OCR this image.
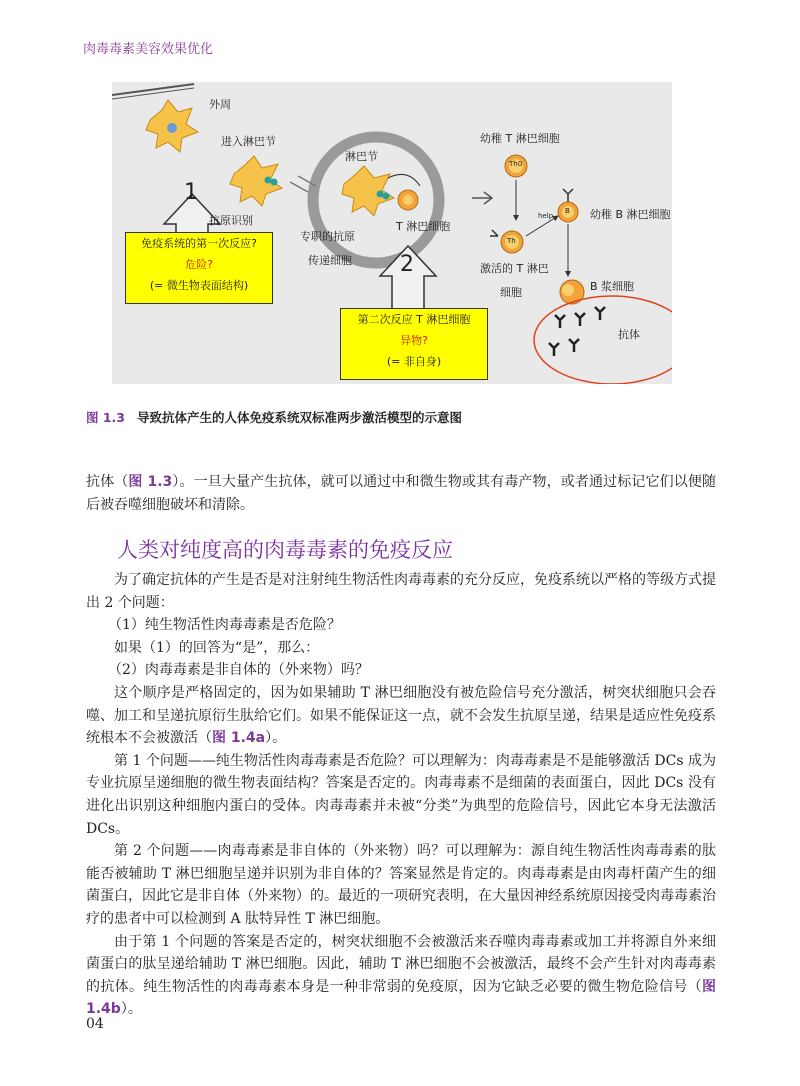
肉毒毒素美容效果优化
外周
进入淋巴节
抗原识别
淋巴节
专职的抗原
传递细胞
T 淋巴细胞
幼稚 T 淋巴细胞
Th0
Th
help	幼稚 B 淋巴细胞
B
激活的 T 淋巴
细胞	B 浆细胞
抗体
1
2
免疫系统的第一次反应?
危险?
(= 微生物表面结构)
第二次反应 T 淋巴细胞
异物?
(= 非自身)
图 1.3 导致抗体产生的人体免疫系统双标准两步激活模型的示意图
抗体（图 1.3）。一旦大量产生抗体，就可以通过中和微生物或其有毒产物，或者通过标记它们以便随后被吞噬细胞破坏和清除。
人类对纯度高的肉毒毒素的免疫反应
为了确定抗体的产生是否是对注射纯生物活性肉毒毒素的充分反应，免疫系统以严格的等级方式提出 2 个问题：
（1）纯生物活性肉毒毒素是否危险？
如果（1）的回答为“是”，那么：
（2）肉毒毒素是非自体的（外来物）吗？
这个顺序是严格固定的，因为如果辅助 T 淋巴细胞没有被危险信号充分激活，树突状细胞只会吞噬、加工和呈递抗原衍生肽给它们。如果不能保证这一点，就不会发生抗原呈递，结果是适应性免疫系统根本不会被激活（图 1.4a）。
第 1 个问题——纯生物活性肉毒毒素是否危险？可以理解为：肉毒毒素是不是能够激活 DCs 成为专业抗原呈递细胞的微生物表面结构？答案是否定的。肉毒毒素不是细菌的表面蛋白，因此 DCs 没有进化出识别这种细胞内蛋白的受体。肉毒毒素并未被“分类”为典型的危险信号，因此它本身无法激活 DCs。
第 2 个问题——肉毒毒素是非自体的（外来物）吗？可以理解为：源自纯生物活性肉毒毒素的肽能否被辅助 T 淋巴细胞呈递并识别为非自体的？答案显然是肯定的。肉毒毒素是由肉毒杆菌产生的细菌蛋白，因此它是非自体（外来物）的。最近的一项研究表明，在大量因神经系统原因接受肉毒毒素治疗的患者中可以检测到 A 肽特异性 T 淋巴细胞。
由于第 1 个问题的答案是否定的，树突状细胞不会被激活来吞噬肉毒毒素或加工并将源自外来细菌蛋白的肽呈递给辅助 T 淋巴细胞。因此，辅助 T 淋巴细胞不会被激活，最终不会产生针对肉毒毒素的抗体。纯生物活性的肉毒毒素本身是一种非常弱的免疫原，因为它缺乏必要的微生物危险信号（图 1.4b）。
04
